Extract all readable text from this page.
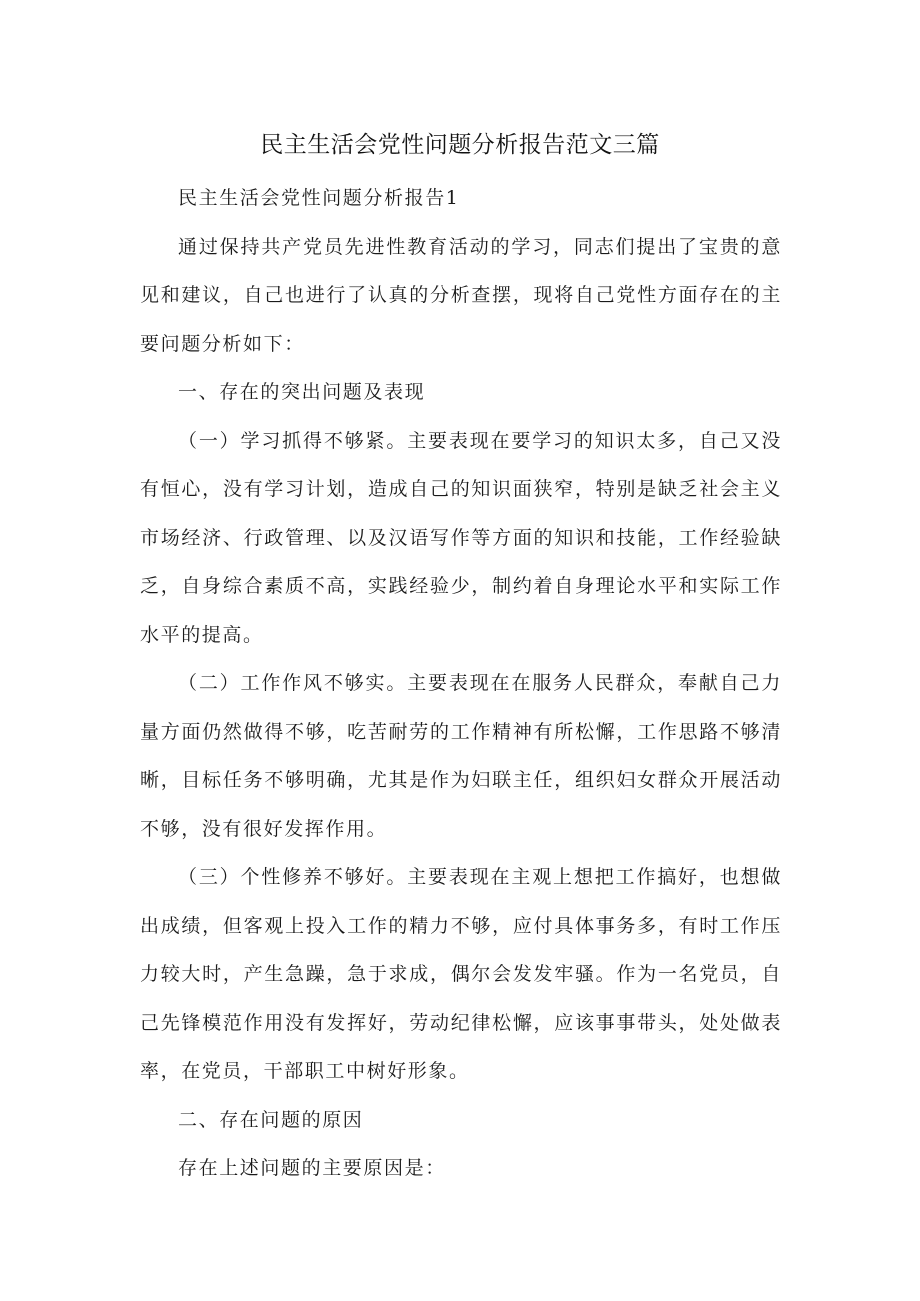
民主生活会党性问题分析报告范文三篇

民主生活会党性问题分析报告1

通过保持共产党员先进性教育活动的学习，同志们提出了宝贵的意见和建议，自己也进行了认真的分析查摆，现将自己党性方面存在的主要问题分析如下：

一、存在的突出问题及表现

（一）学习抓得不够紧。主要表现在要学习的知识太多，自己又没有恒心，没有学习计划，造成自己的知识面狭窄，特别是缺乏社会主义市场经济、行政管理、以及汉语写作等方面的知识和技能，工作经验缺乏，自身综合素质不高，实践经验少，制约着自身理论水平和实际工作水平的提高。

（二）工作作风不够实。主要表现在在服务人民群众，奉献自己力量方面仍然做得不够，吃苦耐劳的工作精神有所松懈，工作思路不够清晰，目标任务不够明确，尤其是作为妇联主任，组织妇女群众开展活动不够，没有很好发挥作用。

（三）个性修养不够好。主要表现在主观上想把工作搞好，也想做出成绩，但客观上投入工作的精力不够，应付具体事务多，有时工作压力较大时，产生急躁，急于求成，偶尔会发发牢骚。作为一名党员，自己先锋模范作用没有发挥好，劳动纪律松懈，应该事事带头，处处做表率，在党员，干部职工中树好形象。

二、存在问题的原因

存在上述问题的主要原因是：
